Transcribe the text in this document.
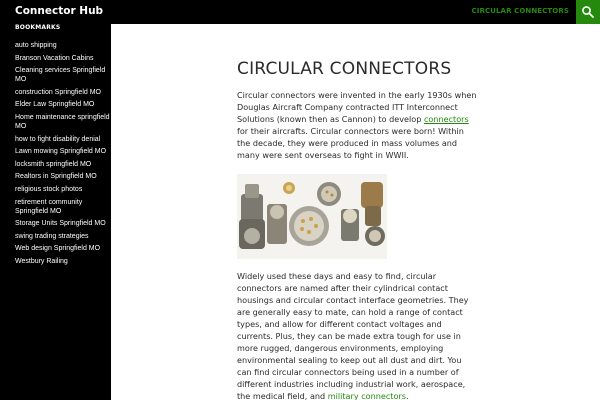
Connector Hub	CIRCULAR CONNECTORS
BOOKMARKS
auto shipping
Branson Vacation Cabins
Cleaning services Springfield MO
construction Springfield MO
Elder Law Springfield MO
Home maintenance springfield MO
how to fight disability denial
Lawn mowing Springfield MO
locksmith springfield MO
Realtors in Springfield MO
religious stock photos
retirement community Springfield MO
Storage Units Springfield MO
swing trading strategies
Web design Springfield MO
Westbury Railing
CIRCULAR CONNECTORS

Circular connectors were invented in the early 1930s when Douglas Aircraft Company contracted ITT Interconnect Solutions (known then as Cannon) to develop connectors for their aircrafts. Circular connectors were born! Within the decade, they were produced in mass volumes and many were sent overseas to fight in WWII.

Widely used these days and easy to find, circular connectors are named after their cylindrical contact housings and circular contact interface geometries. They are generally easy to mate, can hold a range of contact types, and allow for different contact voltages and currents. Plus, they can be made extra tough for use in more rugged, dangerous environments, employing environmental sealing to keep out all dust and dirt. You can find circular connectors being used in a number of different industries including industrial work, aerospace, the medical field, and military connectors.
